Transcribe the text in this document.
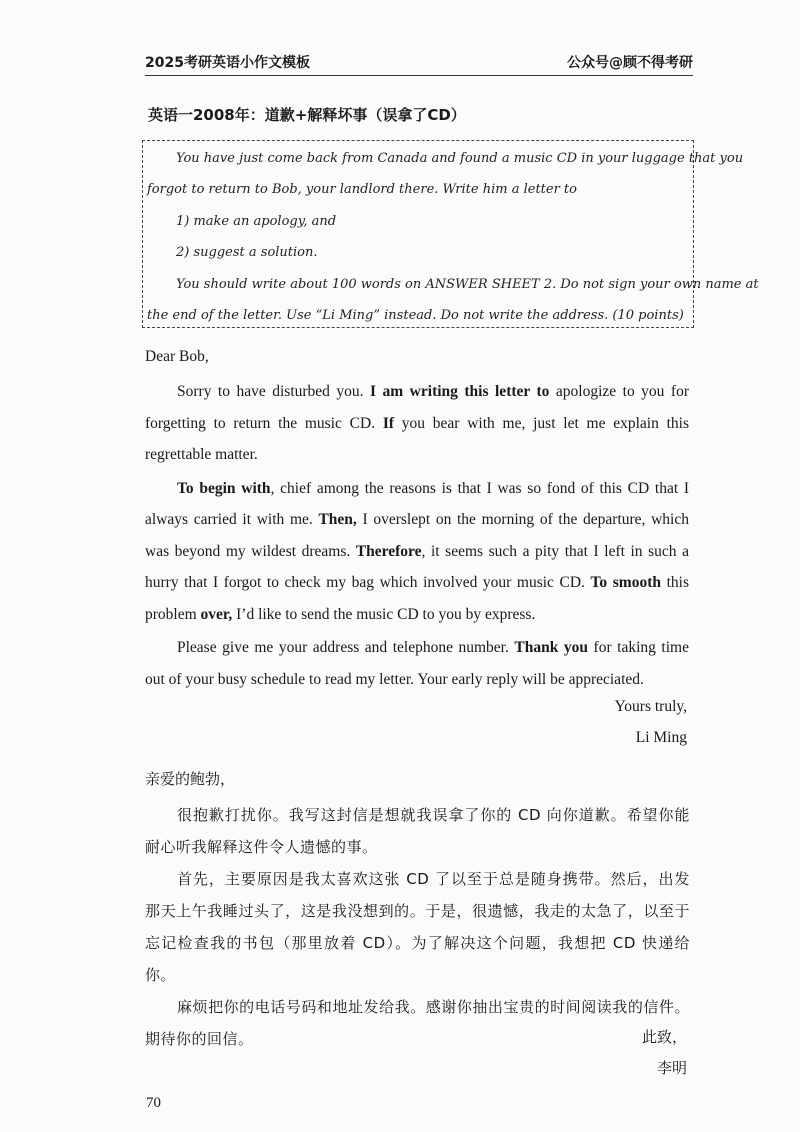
2025考研英语小作文模板	公众号@顾不得考研
英语一2008年：道歉+解释坏事（误拿了CD）
You have just come back from Canada and found a music CD in your luggage that you
forgot to return to Bob, your landlord there. Write him a letter to
1) make an apology, and
2) suggest a solution.
You should write about 100 words on ANSWER SHEET 2. Do not sign your own name at
the end of the letter. Use “Li Ming” instead. Do not write the address. (10 points)
Dear Bob,

Sorry to have disturbed you. I am writing this letter to apologize to you for forgetting to return the music CD. If you bear with me, just let me explain this regrettable matter.

To begin with, chief among the reasons is that I was so fond of this CD that I always carried it with me. Then, I overslept on the morning of the departure, which was beyond my wildest dreams. Therefore, it seems such a pity that I left in such a hurry that I forgot to check my bag which involved your music CD. To smooth this problem over, I’d like to send the music CD to you by express.

Please give me your address and telephone number. Thank you for taking time out of your busy schedule to read my letter. Your early reply will be appreciated.

Yours truly,
Li Ming
亲爱的鲍勃，

很抱歉打扰你。我写这封信是想就我误拿了你的 CD 向你道歉。希望你能耐心听我解释这件令人遗憾的事。

首先，主要原因是我太喜欢这张 CD 了以至于总是随身携带。然后，出发那天上午我睡过头了，这是我没想到的。于是，很遗憾，我走的太急了，以至于忘记检查我的书包（那里放着 CD）。为了解决这个问题，我想把 CD 快递给你。

麻烦把你的电话号码和地址发给我。感谢你抽出宝贵的时间阅读我的信件。期待你的回信。	此致，
李明
70
